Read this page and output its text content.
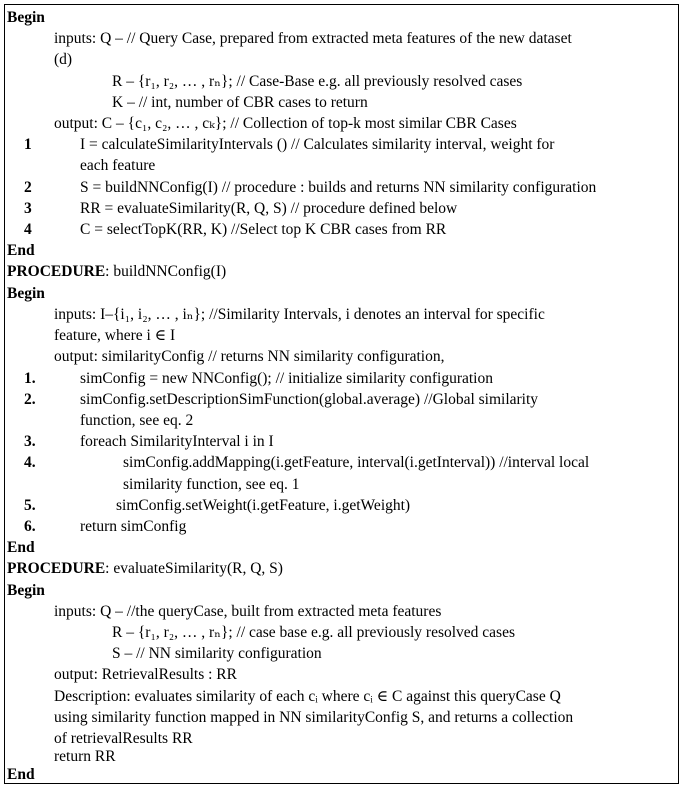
Begin
inputs: Q – // Query Case, prepared from extracted meta features of the new dataset
(d)
R – {r₁, r₂, … , rₙ}; // Case-Base e.g. all previously resolved cases
K – // int, number of CBR cases to return
output: C – {c₁, c₂, … , cₖ}; // Collection of top-k most similar CBR Cases
1	I = calculateSimilarityIntervals () // Calculates similarity interval, weight for
each feature
2	S = buildNNConfig(I) // procedure : builds and returns NN similarity configuration
3	RR = evaluateSimilarity(R, Q, S) // procedure defined below
4	C = selectTopK(RR, K) //Select top K CBR cases from RR
End
PROCEDURE: buildNNConfig(I)
Begin
inputs: I–{i₁, i₂, … , iₙ}; //Similarity Intervals, i denotes an interval for specific
feature, where i ∈ I
output: similarityConfig // returns NN similarity configuration,
1.	simConfig = new NNConfig(); // initialize similarity configuration
2.	simConfig.setDescriptionSimFunction(global.average) //Global similarity
function, see eq. 2
3.	foreach SimilarityInterval i in I
4.	simConfig.addMapping(i.getFeature, interval(i.getInterval)) //interval local
similarity function, see eq. 1
5.	simConfig.setWeight(i.getFeature, i.getWeight)
6.	return simConfig
End
PROCEDURE: evaluateSimilarity(R, Q, S)
Begin
inputs: Q – //the queryCase, built from extracted meta features
R – {r₁, r₂, … , rₙ}; // case base e.g. all previously resolved cases
S – // NN similarity configuration
output: RetrievalResults : RR
Description: evaluates similarity of each cᵢ where cᵢ ∈ C against this queryCase Q
using similarity function mapped in NN similarityConfig S, and returns a collection
of retrievalResults RR
return RR
End
